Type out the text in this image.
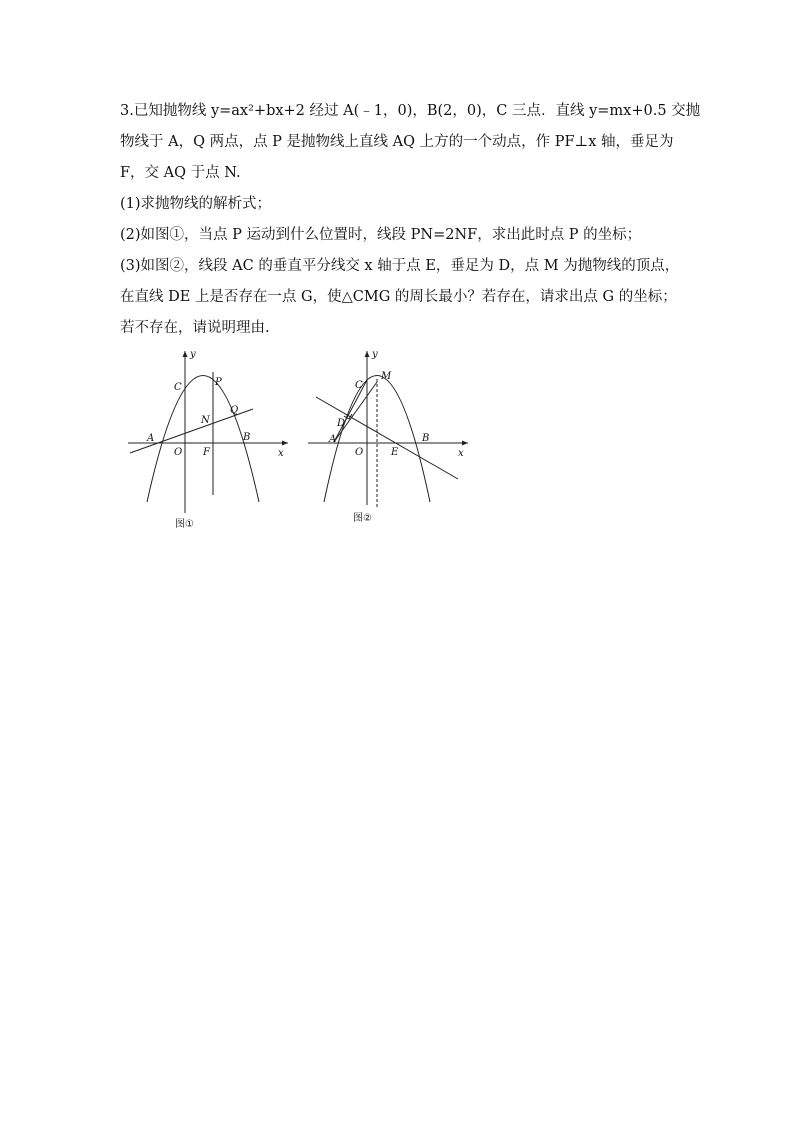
3.已知抛物线 y=ax²+bx+2 经过 A(﹣1，0)，B(2，0)，C 三点．直线 y=mx+0.5 交抛

物线于 A，Q 两点，点 P 是抛物线上直线 AQ 上方的一个动点，作 PF⊥x 轴，垂足为

F，交 AQ 于点 N.

(1)求抛物线的解析式；

(2)如图①，当点 P 运动到什么位置时，线段 PN=2NF，求出此时点 P 的坐标；

(3)如图②，线段 AC 的垂直平分线交 x 轴于点 E，垂足为 D，点 M 为抛物线的顶点，

在直线 DE 上是否存在一点 G，使△CMG 的周长最小？若存在，请求出点 G 的坐标；

若不存在，请说明理由.

y
x
C	P
Q
N
A
O F
B
图①
y
x
C
M
D
A
O	E
B
图②
